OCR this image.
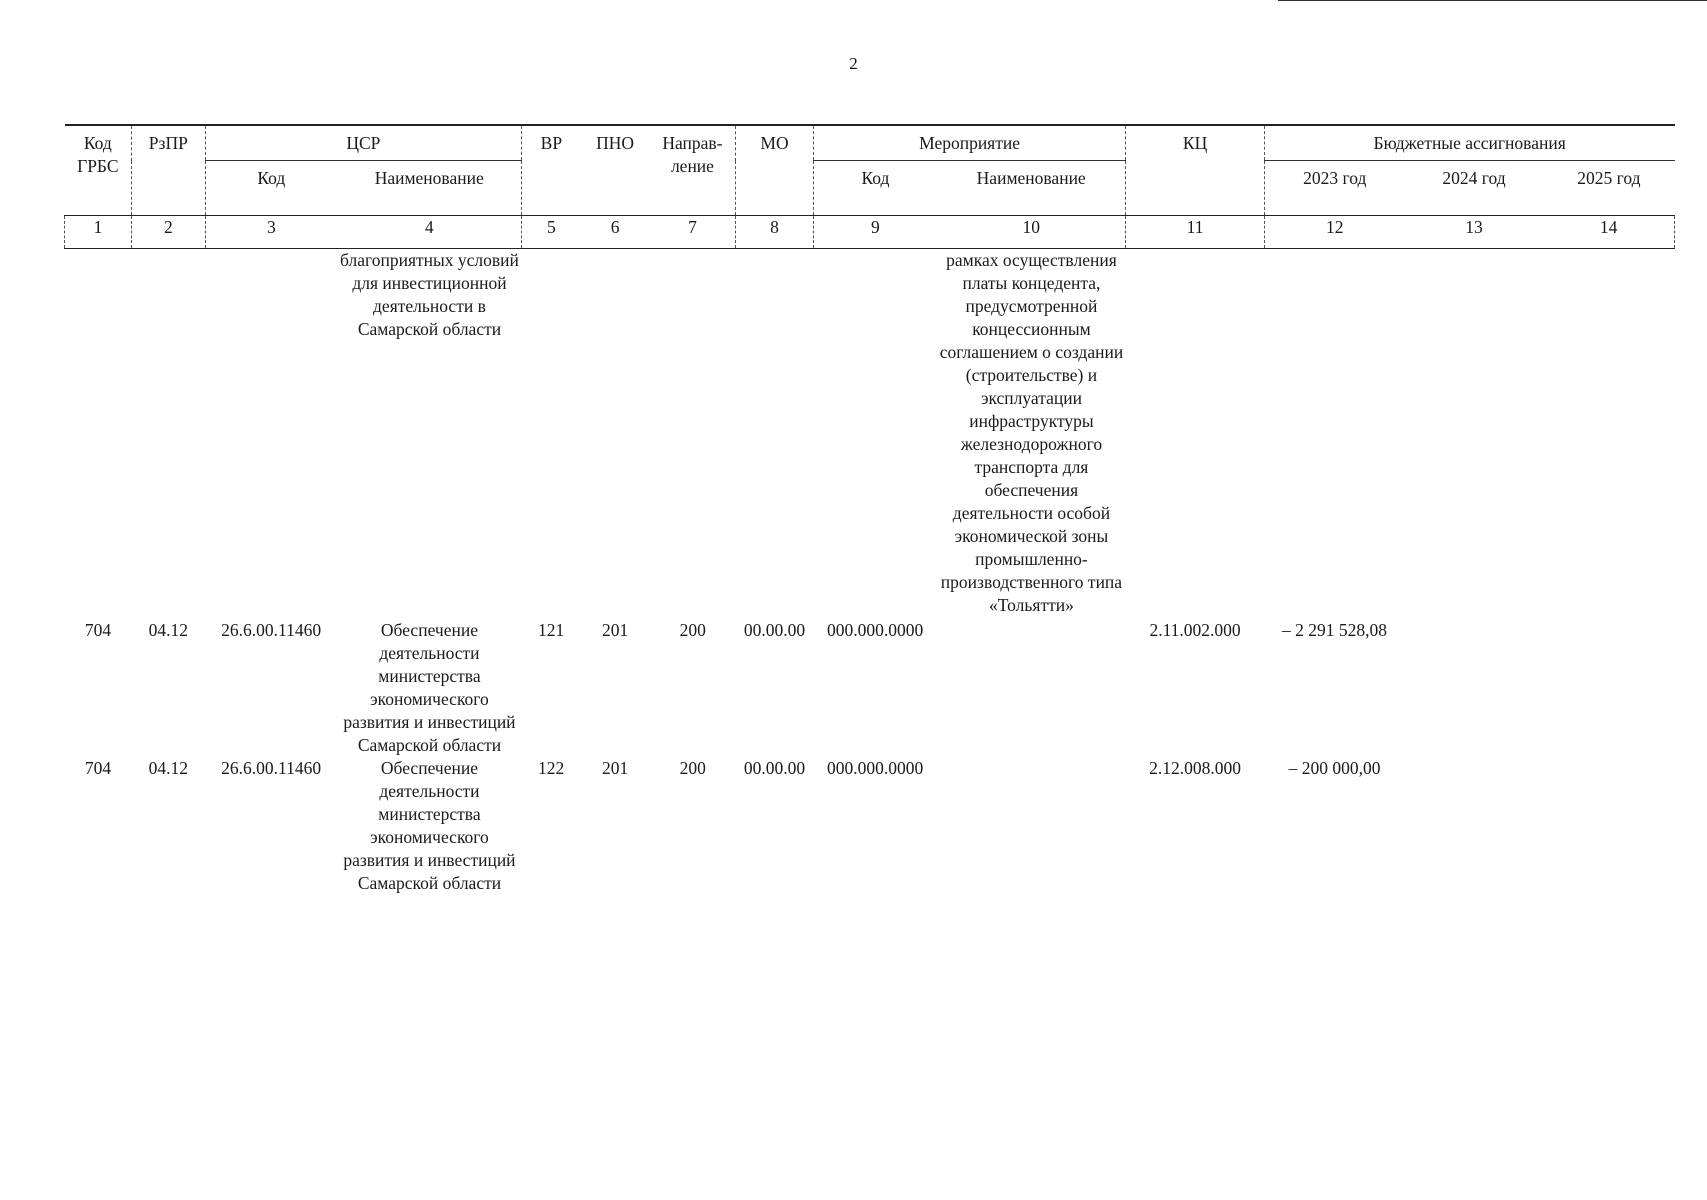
2
Код ГРБС	РзПР	ЦСР		ВР	ПНО	Направ-ление	МО	Мероприятие		КЦ	Бюджетные ассигнования		
		Код	Наименование					Код	Наименование		2023 год	2024 год	2025 год
1	2	3	4	5	6	7	8	9	10	11	12	13	14
			благоприятных условий для инвестиционной деятельности в Самарской области						рамках осуществления платы концедента, предусмотренной концессионным соглашением о создании (строительстве) и эксплуатации инфраструктуры железнодорожного транспорта для обеспечения деятельности особой экономической зоны промышленно-производственного типа «Тольятти»				
704	04.12	26.6.00.11460	Обеспечение деятельности министерства экономического развития и инвестиций Самарской области	121	201	200	00.00.00	000.000.0000		2.11.002.000	– 2 291 528,08		
704	04.12	26.6.00.11460	Обеспечение деятельности министерства экономического развития и инвестиций Самарской области	122	201	200	00.00.00	000.000.0000		2.12.008.000	– 200 000,00		
